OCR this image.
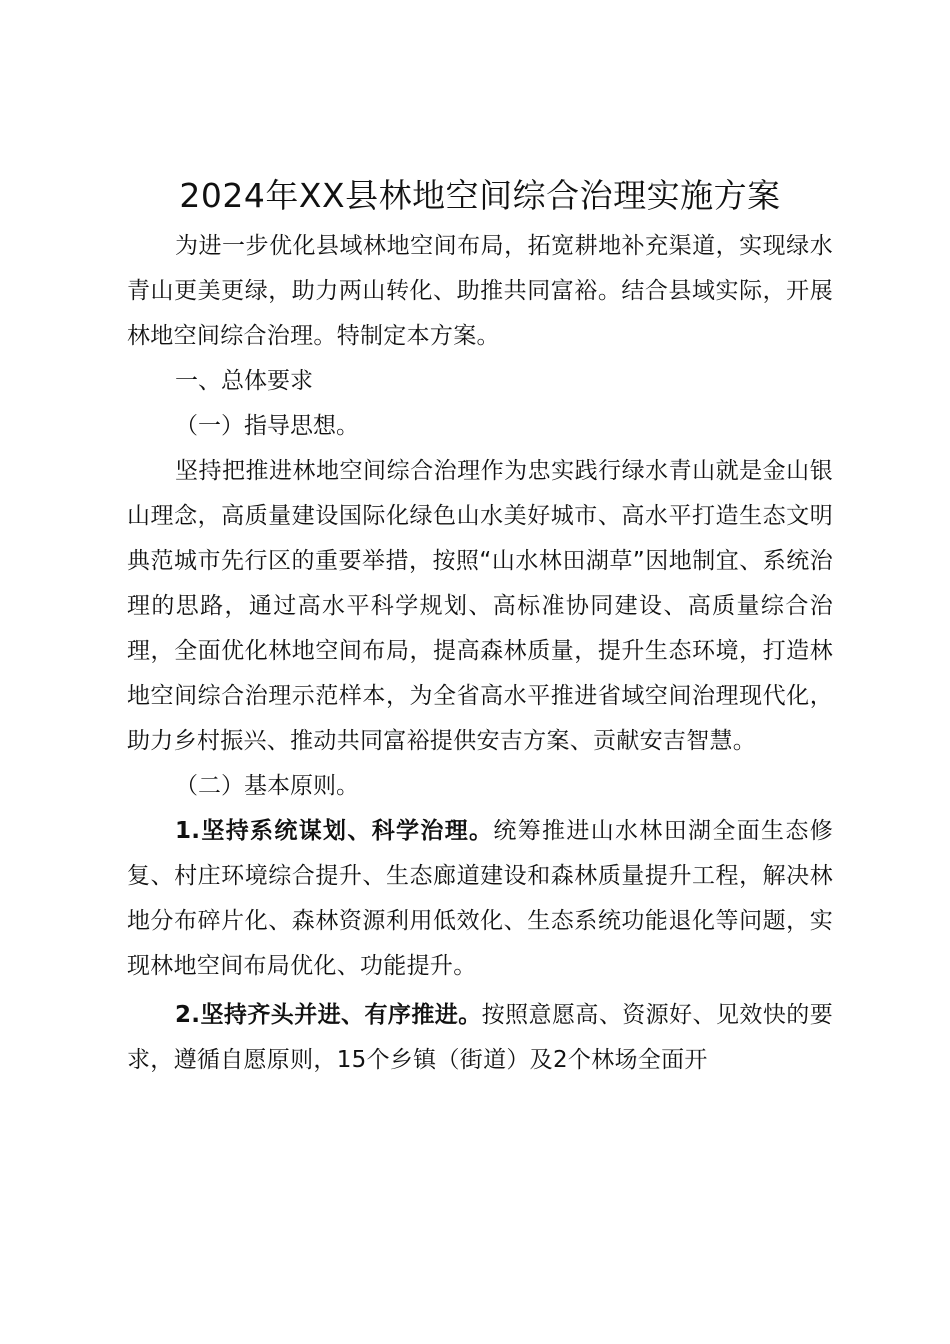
2024年XX县林地空间综合治理实施方案

为进一步优化县域林地空间布局，拓宽耕地补充渠道，实现绿水青山更美更绿，助力两山转化、助推共同富裕。结合县域实际，开展林地空间综合治理。特制定本方案。

一、总体要求

（一）指导思想。

坚持把推进林地空间综合治理作为忠实践行绿水青山就是金山银山理念，高质量建设国际化绿色山水美好城市、高水平打造生态文明典范城市先行区的重要举措，按照“山水林田湖草”因地制宜、系统治理的思路，通过高水平科学规划、高标准协同建设、高质量综合治理，全面优化林地空间布局，提高森林质量，提升生态环境，打造林地空间综合治理示范样本，为全省高水平推进省域空间治理现代化，助力乡村振兴、推动共同富裕提供安吉方案、贡献安吉智慧。

（二）基本原则。

1.坚持系统谋划、科学治理。统筹推进山水林田湖全面生态修复、村庄环境综合提升、生态廊道建设和森林质量提升工程，解决林地分布碎片化、森林资源利用低效化、生态系统功能退化等问题，实现林地空间布局优化、功能提升。

2.坚持齐头并进、有序推进。按照意愿高、资源好、见效快的要求，遵循自愿原则，15个乡镇（街道）及2个林场全面开
